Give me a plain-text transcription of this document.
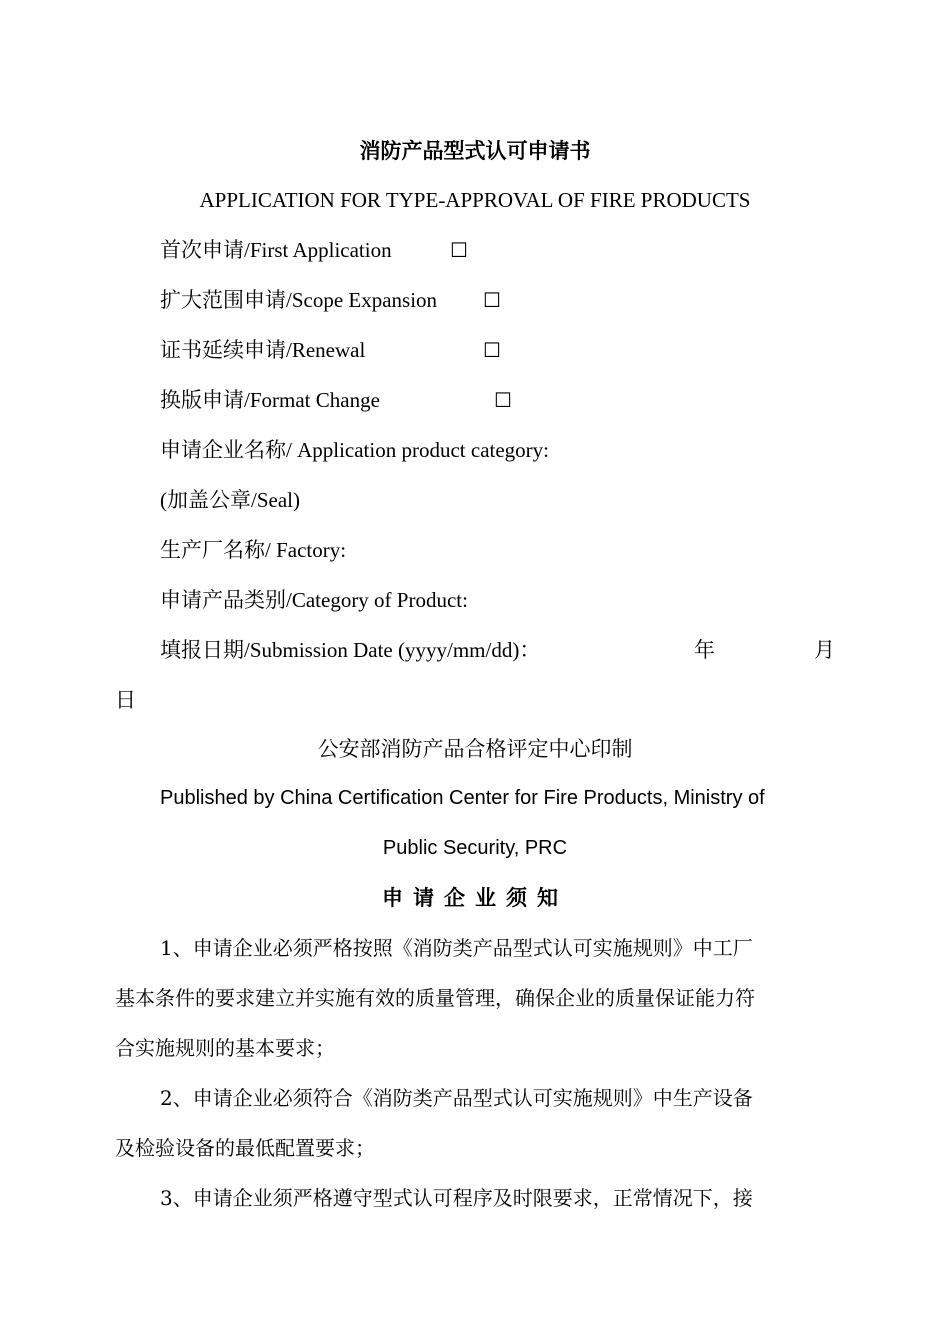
消防产品型式认可申请书
APPLICATION FOR TYPE-APPROVAL OF FIRE PRODUCTS
首次申请/First Application	☐
扩大范围申请/Scope Expansion ☐
证书延续申请/Renewal	☐
换版申请/Format Change	☐
申请企业名称/ Application product category:
(加盖公章/Seal)
生产厂名称/ Factory:
申请产品类别/Category of Product:
填报日期/Submission Date (yyyy/mm/dd)：	年	月
日
公安部消防产品合格评定中心印制
Published by China Certification Center for Fire Products, Ministry of
Public Security, PRC
申请企业须知
1、申请企业必须严格按照《消防类产品型式认可实施规则》中工厂
基本条件的要求建立并实施有效的质量管理，确保企业的质量保证能力符
合实施规则的基本要求；
2、申请企业必须符合《消防类产品型式认可实施规则》中生产设备
及检验设备的最低配置要求；
3、申请企业须严格遵守型式认可程序及时限要求，正常情况下，接
